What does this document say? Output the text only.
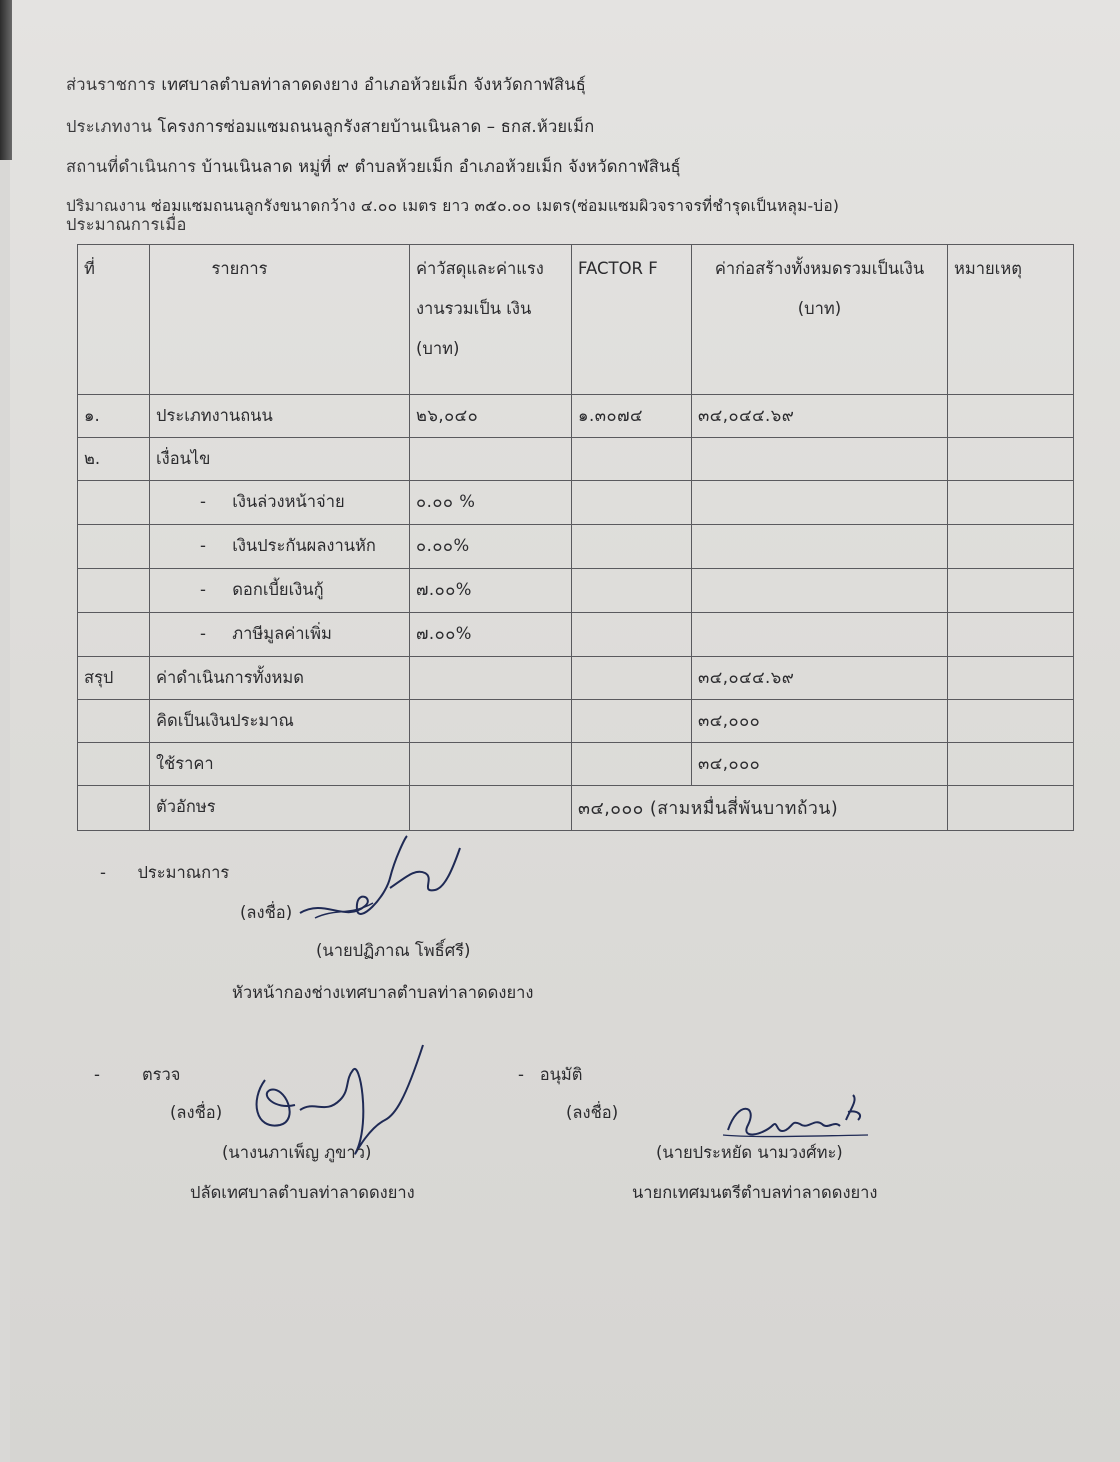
ส่วนราชการ เทศบาลตำบลท่าลาดดงยาง อำเภอห้วยเม็ก จังหวัดกาฬสินธุ์
ประเภทงาน โครงการซ่อมแซมถนนลูกรังสายบ้านเนินลาด – ธกส.ห้วยเม็ก
สถานที่ดำเนินการ บ้านเนินลาด หมู่ที่ ๙ ตำบลห้วยเม็ก อำเภอห้วยเม็ก จังหวัดกาฬสินธุ์
ปริมาณงาน ซ่อมแซมถนนลูกรังขนาดกว้าง ๔.๐๐ เมตร ยาว ๓๕๐.๐๐ เมตร(ซ่อมแซมผิวจราจรที่ชำรุดเป็นหลุม-บ่อ)
ประมาณการเมื่อ
ที่	รายการ	ค่าวัสดุและค่าแรงงานรวมเป็น เงิน (บาท)	FACTOR F	ค่าก่อสร้างทั้งหมดรวมเป็นเงิน (บาท)	หมายเหตุ
๑.	ประเภทงานถนน	๒๖,๐๔๐	๑.๓๐๗๔	๓๔,๐๔๔.๖๙	
๒.	เงื่อนไข				
	- เงินล่วงหน้าจ่าย	๐.๐๐ %			
	- เงินประกันผลงานหัก	๐.๐๐%			
	- ดอกเบี้ยเงินกู้	๗.๐๐%			
	- ภาษีมูลค่าเพิ่ม	๗.๐๐%			
สรุป	ค่าดำเนินการทั้งหมด			๓๔,๐๔๔.๖๙	
	คิดเป็นเงินประมาณ			๓๔,๐๐๐	
	ใช้ราคา			๓๔,๐๐๐	
	ตัวอักษร		๓๔,๐๐๐ (สามหมื่นสี่พันบาทถ้วน)		
- ประมาณการ
(ลงชื่อ)
(นายปฏิภาณ โพธิ์ศรี)
หัวหน้ากองช่างเทศบาลตำบลท่าลาดดงยาง
-	ตรวจ
(ลงชื่อ)
(นางนภาเพ็ญ ภูขาว)
ปลัดเทศบาลตำบลท่าลาดดงยาง
- อนุมัติ
(ลงชื่อ)
(นายประหยัด นามวงศ์ทะ)
นายกเทศมนตรีตำบลท่าลาดดงยาง
